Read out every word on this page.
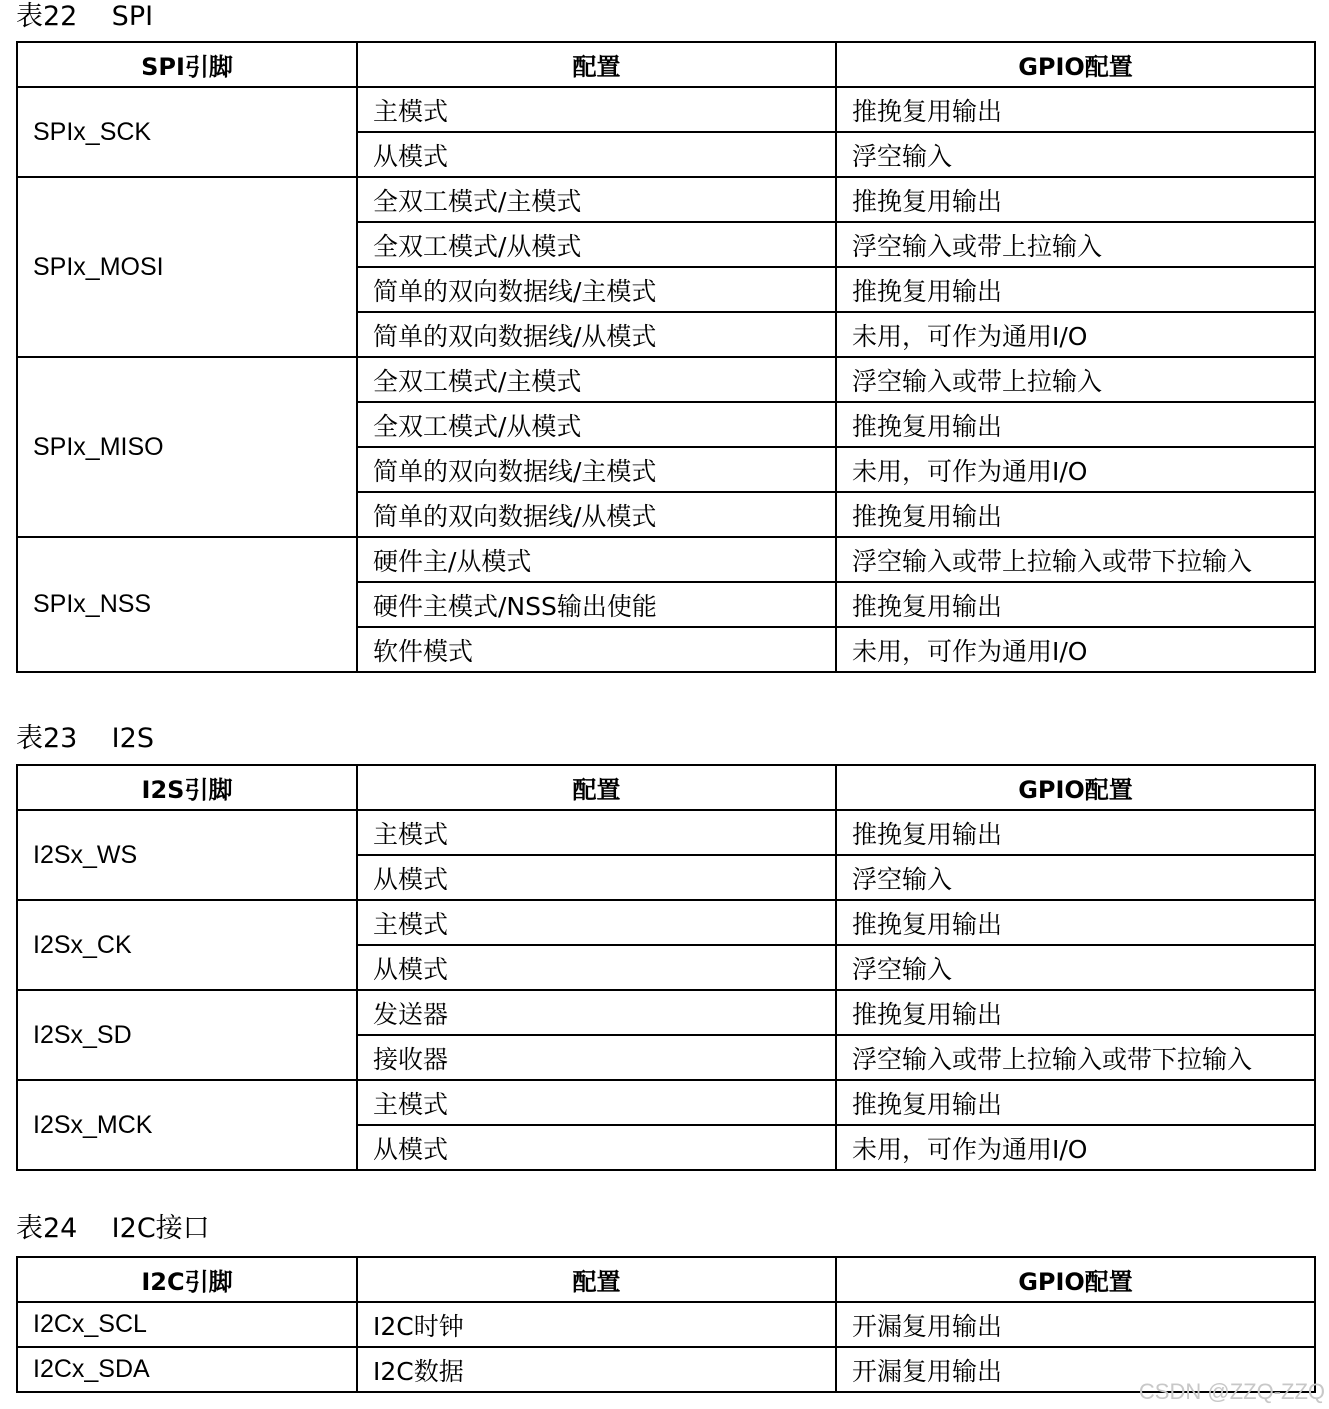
表22    SPI
SPI引脚	配置	GPIO配置
SPIx_SCK	主模式	推挽复用输出
	从模式	浮空输入
SPIx_MOSI	全双工模式/主模式	推挽复用输出
	全双工模式/从模式	浮空输入或带上拉输入
	简单的双向数据线/主模式	推挽复用输出
	简单的双向数据线/从模式	未用，可作为通用I/O
SPIx_MISO	全双工模式/主模式	浮空输入或带上拉输入
	全双工模式/从模式	推挽复用输出
	简单的双向数据线/主模式	未用，可作为通用I/O
	简单的双向数据线/从模式	推挽复用输出
SPIx_NSS	硬件主/从模式	浮空输入或带上拉输入或带下拉输入
	硬件主模式/NSS输出使能	推挽复用输出
	软件模式	未用，可作为通用I/O
表23    I2S
I2S引脚	配置	GPIO配置
I2Sx_WS	主模式	推挽复用输出
	从模式	浮空输入
I2Sx_CK	主模式	推挽复用输出
	从模式	浮空输入
I2Sx_SD	发送器	推挽复用输出
	接收器	浮空输入或带上拉输入或带下拉输入
I2Sx_MCK	主模式	推挽复用输出
	从模式	未用，可作为通用I/O
表24    I2C接口
I2C引脚	配置	GPIO配置
I2Cx_SCL	I2C时钟	开漏复用输出
I2Cx_SDA	I2C数据	开漏复用输出
CSDN @ZZQ-ZZQ
